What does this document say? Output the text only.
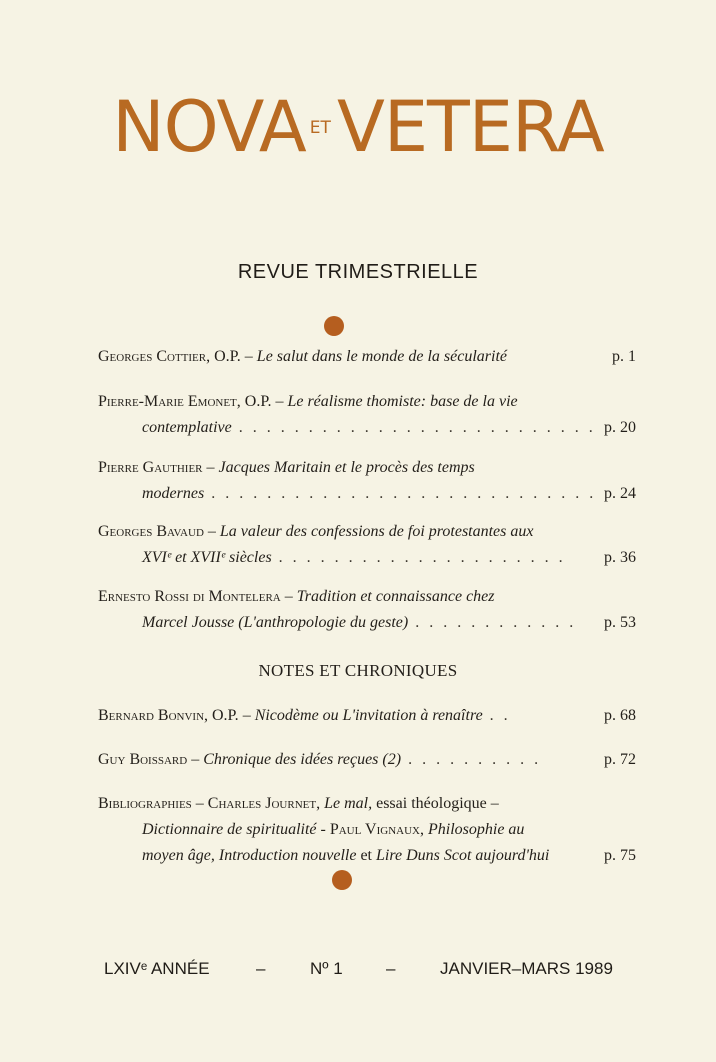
NOVA ETVETERA
REVUE TRIMESTRIELLE
Georges Cottier, O.P. – Le salut dans le monde de la sécularité	p. 1
Pierre-Marie Emonet, O.P. – Le réalisme thomiste: base de la vie
contemplative . . . . . . . . . . . . . . . . . . . . . . . . . . p. 20
Pierre Gauthier – Jacques Maritain et le procès des temps
modernes . . . . . . . . . . . . . . . . . . . . . . . . . . . . p. 24
Georges Bavaud – La valeur des confessions de foi protestantes aux
XVIᵉ et XVIIᵉ siècles . . . . . . . . . . . . . . . . . . . . . p. 36
Ernesto Rossi di Montelera – Tradition et connaissance chez
Marcel Jousse (L'anthropologie du geste) . . . . . . . . . . . . p. 53
NOTES ET CHRONIQUES
Bernard Bonvin, O.P. – Nicodème ou L'invitation à renaître . .	p. 68
Guy Boissard – Chronique des idées reçues (2) . . . . . . . . . .	p. 72
Bibliographies – Charles Journet, Le mal, essai théologique –
Dictionnaire de spiritualité - Paul Vignaux, Philosophie au
moyen âge, Introduction nouvelle et Lire Duns Scot aujourd'hui	p. 75
LXIVᵉ ANNÉE	–	Nº 1	–	JANVIER–MARS 1989
